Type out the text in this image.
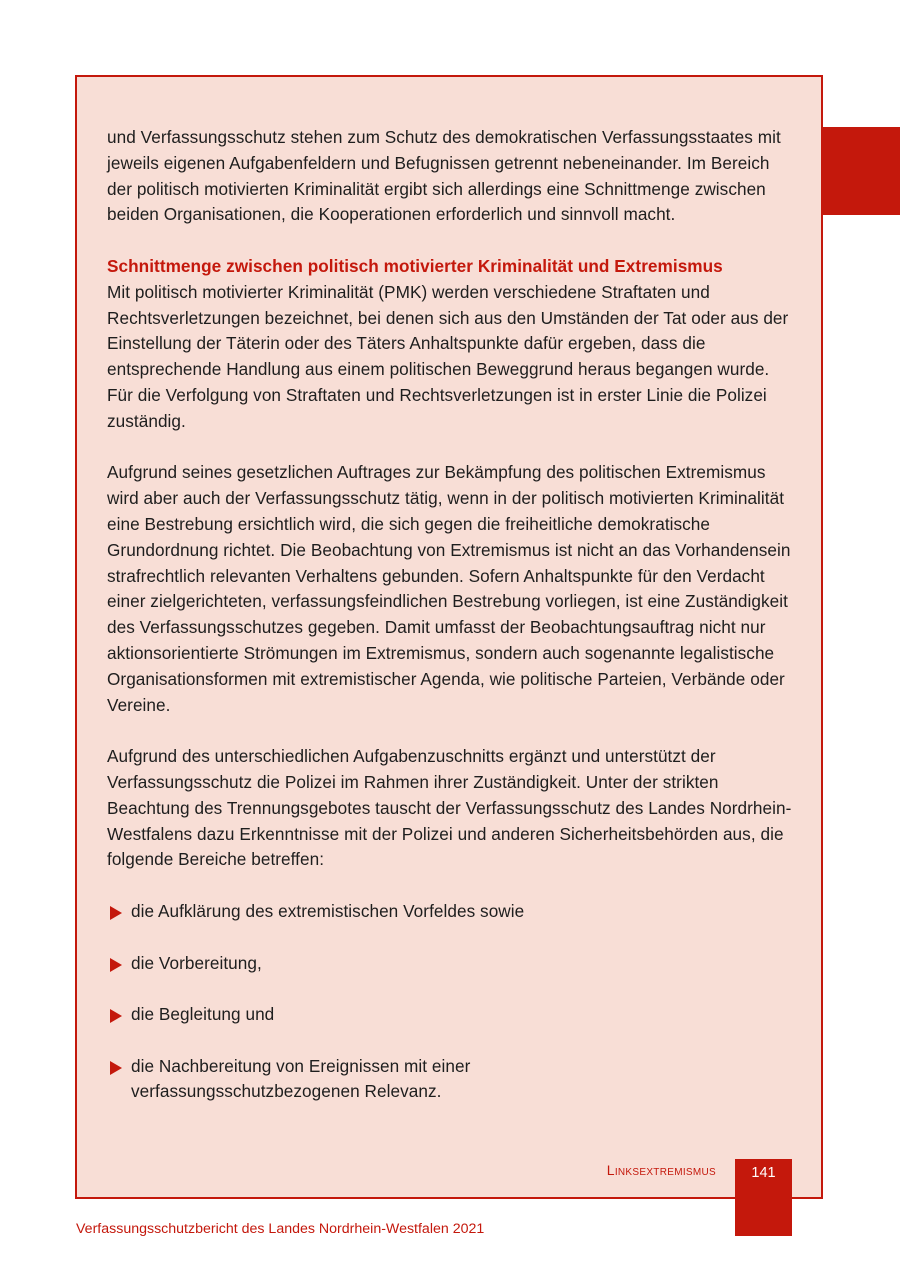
und Verfassungsschutz stehen zum Schutz des demokratischen Verfassungsstaates mit jeweils eigenen Aufgabenfeldern und Befugnissen getrennt nebeneinander. Im Bereich der politisch motivierten Kriminalität ergibt sich allerdings eine Schnittmenge zwischen beiden Organisationen, die Kooperationen erforderlich und sinnvoll macht.

Schnittmenge zwischen politisch motivierter Kriminalität und Extremismus
Mit politisch motivierter Kriminalität (PMK) werden verschiedene Straftaten und Rechtsverletzungen bezeichnet, bei denen sich aus den Umständen der Tat oder aus der Einstellung der Täterin oder des Täters Anhaltspunkte dafür ergeben, dass die entsprechende Handlung aus einem politischen Beweggrund heraus begangen wurde. Für die Verfolgung von Straftaten und Rechtsverletzungen ist in erster Linie die Polizei zuständig.

Aufgrund seines gesetzlichen Auftrages zur Bekämpfung des politischen Extremismus wird aber auch der Verfassungsschutz tätig, wenn in der politisch motivierten Kriminalität eine Bestrebung ersichtlich wird, die sich gegen die freiheitliche demokratische Grundordnung richtet. Die Beobachtung von Extremismus ist nicht an das Vorhandensein strafrechtlich relevanten Verhaltens gebunden. Sofern Anhaltspunkte für den Verdacht einer zielgerichteten, verfassungsfeindlichen Bestrebung vorliegen, ist eine Zuständigkeit des Verfassungsschutzes gegeben. Damit umfasst der Beobachtungsauftrag nicht nur aktionsorientierte Strömungen im Extremismus, sondern auch sogenannte legalistische Organisationsformen mit extremistischer Agenda, wie politische Parteien, Verbände oder Vereine.

Aufgrund des unterschiedlichen Aufgabenzuschnitts ergänzt und unterstützt der Verfassungsschutz die Polizei im Rahmen ihrer Zuständigkeit. Unter der strikten Beachtung des Trennungsgebotes tauscht der Verfassungsschutz des Landes Nordrhein-Westfalens dazu Erkenntnisse mit der Polizei und anderen Sicherheitsbehörden aus, die folgende Bereiche betreffen:

die Aufklärung des extremistischen Vorfeldes sowie
die Vorbereitung,
die Begleitung und
die Nachbereitung von Ereignissen mit einer verfassungsschutzbezogenen Relevanz.
Linksextremismus	141
Verfassungsschutzbericht des Landes Nordrhein-Westfalen 2021
